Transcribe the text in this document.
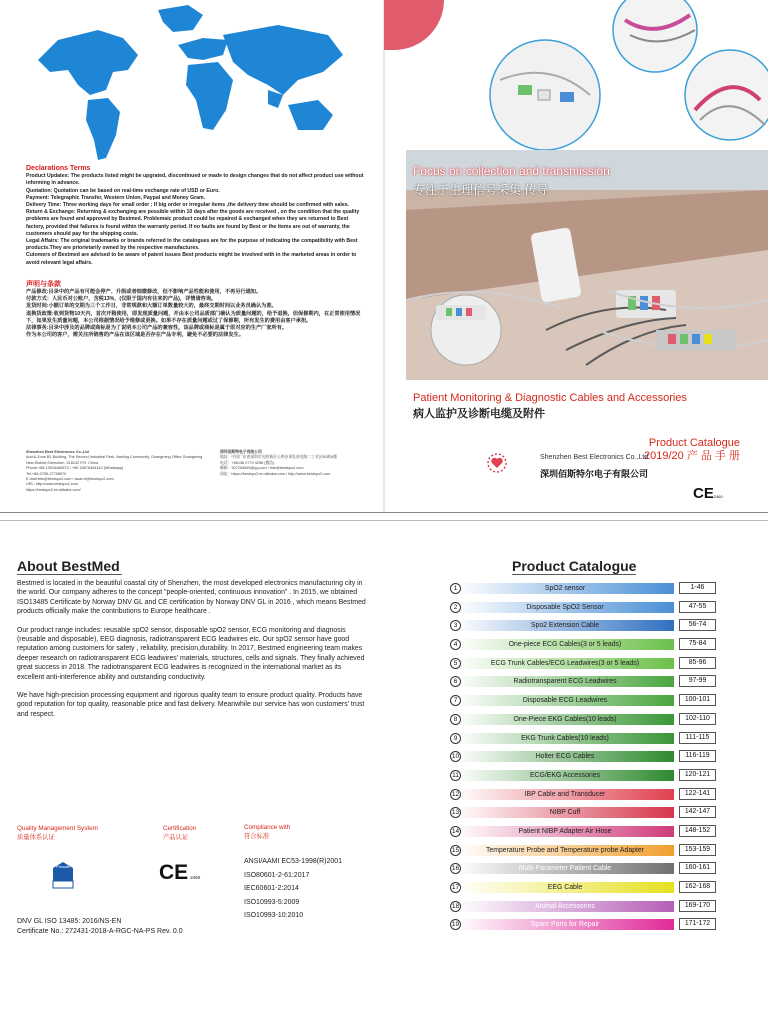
Declarations Terms

Product Updates: The products listed might be upgrated, discontinued or made to design changes that do not affect product use without informing in advance.

Quotation: Quotation can be based on real-time exchange rate of USD or Euro.

Payment: Telegraphic Transfer, Western Union, Paypal and Money Gram.

Delivery Time: Three working days for small order ; If big order or irregular items ,the delivery time should be confirmed with sales.

Return & Exchange: Returning & exchanging are possible within 10 days after the goods are received , on the condition that the quality problems are found and approved by Bestmed. Problemaic product could be repaired & exchanged when they are returned to Best factory, provided that failures is found within the warranty period. If no faults are found by Best or the items are out of warranty, the customers should pay for the shipping costs.

Legal Affairs: The original trademarks or brands referred in the catalogues are for the purpose of indicating the compatibility with Best products.They are priorietarily owned by the respective manufactures.

Cutomers of Bestmed are advised to be aware of patent issues Best products might be involved with in the marketed areas in order to avoid relevant legal affairs.

声明与条款

产品修改:目录中的产品有可能会停产、升级或者细微修改，但不影响产品性能和使用，不再另行通知。

付款方式：人民币对公账户，含税13%，(仅限于国内有往来的产品)，详情请咨询。

发货时间:小额订单的交期为三个工作日，非常规款和大额订单数量较大的，最终交期时间以业务员确认为准。

退换货政策:收到货物10天内，首次开箱使用，即发现质量问题，并由本公司品质部门确认为质量问题的，给予退换，但保修期内，在正常使用情况下，如果发生质量问题，本公司根据情况给予维修或更换。如果不存在质量问题或过了保修期，所有发生的费用由客户承担。

法律事务:目录中涉及的品牌或商标是为了说明本公司产品的兼容性，该品牌或商标是属于原对应的生产厂家所有。

作为本公司的客户，需关注所销售的产品在该区域是否存在产品专利，避免不必要的法律发生。

Shenzhen Best Electronics Co.,Ltd

Add:6-Zone B1 Building, The Second Industrial Park, Nanling Community, Guangming Office Guangming New District,Shenzhen, 518132 P.R. China

Phone:+86 13516469573 / +86 18675404143 (Whatsapp)

Tel:+86-0755-27758570

E-mail:info@bestspo2.com / swan.li@bestspo2.com

URL: http://www.bestspo2.com

https://bestspo2.en.alibaba.com/

深圳佰斯特电子有限公司

地址：中国广东省深圳市光明新区公明办事处南光路二工业区B1栋6楼

电话：+86138 2779 4258 (微信)

邮箱：307294549@qq.com / info@bestspo2.com

网址：https://bestspo2.en.alibaba.com / http://www.bestspo2.com

Focus on collection and transmission
专注于生理信号采集 传导
Patient Monitoring & Diagnostic Cables and Accessories
病人监护及诊断电缆及附件
Product Catalogue
2019/20 产 品 手 册
Shenzhen Best Electronics Co.,Ltd
深圳佰斯特尔电子有限公司
CE2460
About BestMed

Bestmed is located in the beautiful coastal city of Shenzhen, the most developed electronics manufacturing city in the world. Our company adheres to the concept "people-oriented, continuous innovation" . In 2015, we obtained ISO13485 Certificate by Norway DNV GL and CE certification by Norway DNV GL in 2016 , which means Bestmed products officially make the contributions to Europe healthcare .

Our product range includes: reusable spO2 sensor, disposable spO2 sensor, ECG monitoring and diagnosis (reusable and disposable), EEG diagnosis, radiotransparent ECG leadwires etc. Our spO2 sensor have good reputation among customers for safety , reliability, precision,durability. In 2017, Bestmed engineering team makes deeper research on radiotransparent ECG leadwires' materials, structures, cells and signals. They finally achieved great success in 2018. The radiotransparent ECG leadwires is recognized in the international market as its excellent anti-interference ability and outstanding conductivity.

We have high-precision processing equipment and rigorous quality team to ensure product quality. Products have good reputation for top quality, reasonable price and fast delivery. Meanwhile our service has won customers' trust and respect.

Quality Management System
质量体系认证
Certification
产品认证
Compliance with
符合标准
Presafe	CE 2460
ANSI/AAMI EC53-1998(R)2001
ISO80601-2-61:2017
IEC60601-2:2014
ISO10993-5:2009
ISO10993-10:2010
DNV GL ISO 13485: 2016/NS-EN
Certificate No.: 272431-2018-A-RGC-NA-PS Rev. 0.0
Product Catalogue
SpO2 sensor
1	1-46
Disposable SpO2 Sensor
2	47-55
Spo2 Extension Cable
3	56-74
One-piece ECG Cables(3 or 5 leads)
4	75-84
ECG Trunk Cables/ECG Leadwires(3 or 5 leads)
5	85-96
Radiotransparent ECG Leadwires
6	97-99
Disposable ECG Leadwires
7	100-101
One-Piece EKG Cables(10 leads)
8	102-110
EKG Trunk Cables(10 leads)
9	111-115
Holter ECG Cables
10	116-119
ECG/EKG Accessories
11	120-121
IBP Cable and Transducer
12	122-141
NIBP Cuff
13	142-147
Patient NIBP Adapter Air Hose
14	148-152
Temperature Probe and Temperature probe Adapter
15	153-159
Multi-Parameter Patient Cable
16	160-161
EEG Cable
17	162-168
Animal Accessories
18	169-170
Spare Parts for Repair
19	171-172
